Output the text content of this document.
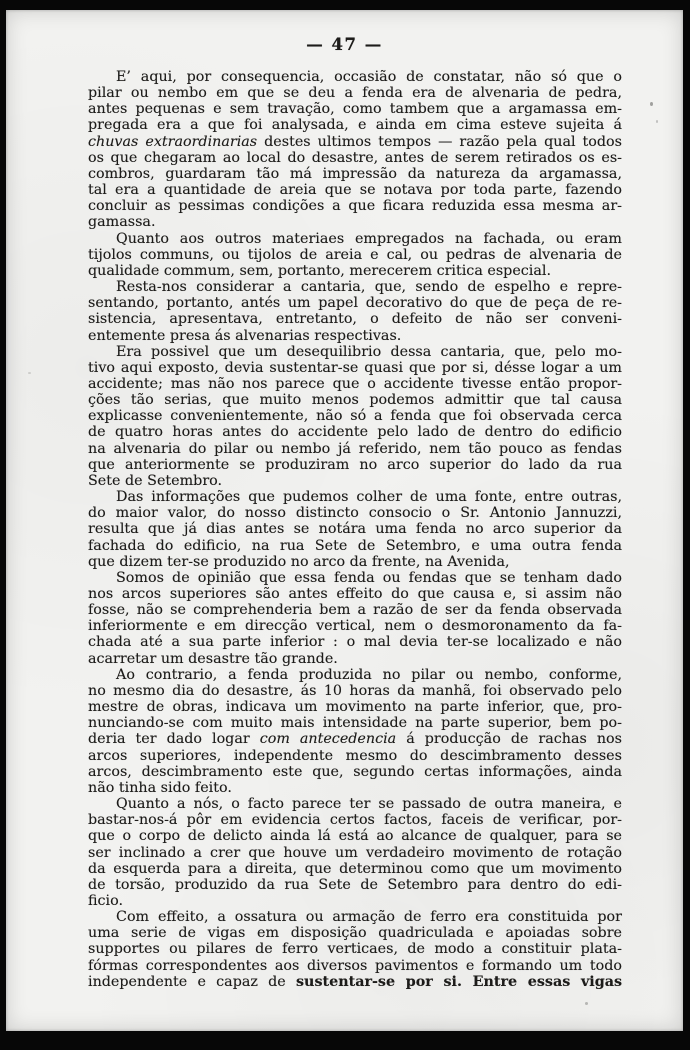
— 47 —
E’ aqui, por consequencia, occasião de constatar, não só que o
pilar ou nembo em que se deu a fenda era de alvenaria de pedra,
antes pequenas e sem travação, como tambem que a argamassa em-
pregada era a que foi analysada, e ainda em cima esteve sujeita á
chuvas extraordinarias destes ultimos tempos — razão pela qual todos
os que chegaram ao local do desastre, antes de serem retirados os es-
combros, guardaram tão má impressão da natureza da argamassa,
tal era a quantidade de areia que se notava por toda parte, fazendo
concluir as pessimas condições a que ficara reduzida essa mesma ar-
gamassa.
Quanto aos outros materiaes empregados na fachada, ou eram
tijolos communs, ou tijolos de areia e cal, ou pedras de alvenaria de
qualidade commum, sem, portanto, merecerem critica especial.
Resta-nos considerar a cantaria, que, sendo de espelho e repre-
sentando, portanto, antés um papel decorativo do que de peça de re-
sistencia, apresentava, entretanto, o defeito de não ser conveni-
entemente presa ás alvenarias respectivas.
Era possivel que um desequilibrio dessa cantaria, que, pelo mo-
tivo aqui exposto, devia sustentar-se quasi que por si, désse logar a um
accidente; mas não nos parece que o accidente tivesse então propor-
ções tão serias, que muito menos podemos admittir que tal causa
explicasse convenientemente, não só a fenda que foi observada cerca
de quatro horas antes do accidente pelo lado de dentro do edificio
na alvenaria do pilar ou nembo já referido, nem tão pouco as fendas
que anteriormente se produziram no arco superior do lado da rua
Sete de Setembro.
Das informações que pudemos colher de uma fonte, entre outras,
do maior valor, do nosso distincto consocio o Sr. Antonio Jannuzzi,
resulta que já dias antes se notára uma fenda no arco superior da
fachada do edificio, na rua Sete de Setembro, e uma outra fenda
que dizem ter-se produzido no arco da frente, na Avenida,
Somos de opinião que essa fenda ou fendas que se tenham dado
nos arcos superiores são antes effeito do que causa e, si assim não
fosse, não se comprehenderia bem a razão de ser da fenda observada
inferiormente e em direcção vertical, nem o desmoronamento da fa-
chada até a sua parte inferior : o mal devia ter-se localizado e não
acarretar um desastre tão grande.
Ao contrario, a fenda produzida no pilar ou nembo, conforme,
no mesmo dia do desastre, ás 10 horas da manhã, foi observado pelo
mestre de obras, indicava um movimento na parte inferior, que, pro-
nunciando-se com muito mais intensidade na parte superior, bem po-
deria ter dado logar com antecedencia á producção de rachas nos
arcos superiores, independente mesmo do descimbramento desses
arcos, descimbramento este que, segundo certas informações, ainda
não tinha sido feito.
Quanto a nós, o facto parece ter se passado de outra maneira, e
bastar-nos-á pôr em evidencia certos factos, faceis de verificar, por-
que o corpo de delicto ainda lá está ao alcance de qualquer, para se
ser inclinado a crer que houve um verdadeiro movimento de rotação
da esquerda para a direita, que determinou como que um movimento
de torsão, produzido da rua Sete de Setembro para dentro do edi-
ficio.
Com effeito, a ossatura ou armação de ferro era constituida por
uma serie de vigas em disposição quadriculada e apoiadas sobre
supportes ou pilares de ferro verticaes, de modo a constituir plata-
fórmas correspondentes aos diversos pavimentos e formando um todo
independente e capaz de sustentar-se por si. Entre essas vigas
